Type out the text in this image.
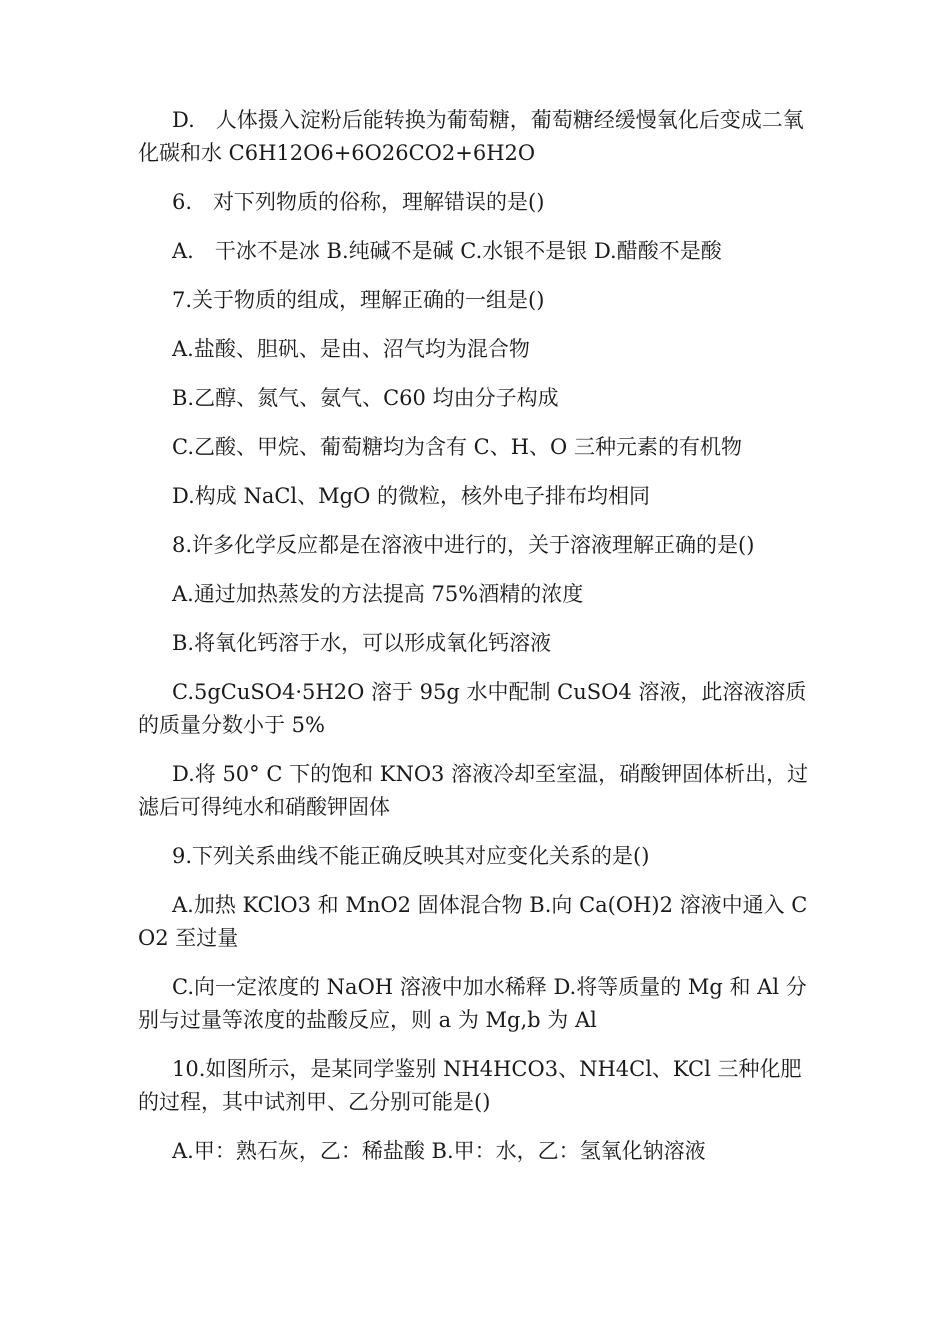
D.　人体摄入淀粉后能转换为葡萄糖，葡萄糖经缓慢氧化后变成二氧化碳和水 C6H12O6+6O26CO2+6H2O

6.　对下列物质的俗称，理解错误的是()

A.　干冰不是冰 B.纯碱不是碱 C.水银不是银 D.醋酸不是酸

7.关于物质的组成，理解正确的一组是()

A.盐酸、胆矾、是由、沼气均为混合物

B.乙醇、氮气、氨气、C60 均由分子构成

C.乙酸、甲烷、葡萄糖均为含有 C、H、O 三种元素的有机物

D.构成 NaCl、MgO 的微粒，核外电子排布均相同

8.许多化学反应都是在溶液中进行的，关于溶液理解正确的是()

A.通过加热蒸发的方法提高 75%酒精的浓度

B.将氧化钙溶于水，可以形成氧化钙溶液

C.5gCuSO4·5H2O 溶于 95g 水中配制 CuSO4 溶液，此溶液溶质的质量分数小于 5%

D.将 50° C 下的饱和 KNO3 溶液冷却至室温，硝酸钾固体析出，过滤后可得纯水和硝酸钾固体

9.下列关系曲线不能正确反映其对应变化关系的是()

A.加热 KClO3 和 MnO2 固体混合物 B.向 Ca(OH)2 溶液中通入 CO2 至过量

C.向一定浓度的 NaOH 溶液中加水稀释 D.将等质量的 Mg 和 Al 分别与过量等浓度的盐酸反应，则 a 为 Mg,b 为 Al

10.如图所示，是某同学鉴别 NH4HCO3、NH4Cl、KCl 三种化肥的过程，其中试剂甲、乙分别可能是()

A.甲：熟石灰，乙：稀盐酸 B.甲：水，乙：氢氧化钠溶液
